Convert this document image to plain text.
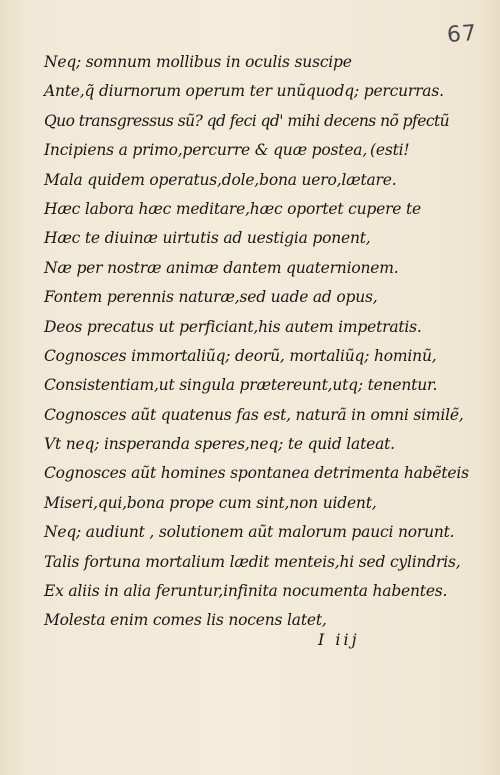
67
Neq; somnum mollibus in oculis suscipe
Ante,q̃ diurnorum operum ter unũquodq; percurras.
Quo transgressus sũ? qd feci qd' mihi decens nõ pfectũ
Incipiens a primo,percurre & quæ postea, (esti!
Mala quidem operatus,dole,bona uero,lætare.
Hæc labora hæc meditare,hæc oportet cupere te
Hæc te diuinæ uirtutis ad uestigia ponent,
Næ per nostræ animæ dantem quaternionem.
Fontem perennis naturæ,sed uade ad opus,
Deos precatus ut perficiant,his autem impetratis.
Cognosces immortaliũq; deorũ, mortaliũq; hominũ,
Consistentiam,ut singula prætereunt,utq; tenentur.
Cognosces aũt quatenus fas est, naturã in omni similẽ,
Vt neq; insperanda speres,neq; te quid lateat.
Cognosces aũt homines spontanea detrimenta habẽteis
Miseri,qui,bona prope cum sint,non uident,
Neq; audiunt , solutionem aũt malorum pauci norunt.
Talis fortuna mortalium lædit menteis,hi sed cylindris,
Ex aliis in alia feruntur,infinita nocumenta habentes.
Molesta enim comes lis nocens latet,
I iij
